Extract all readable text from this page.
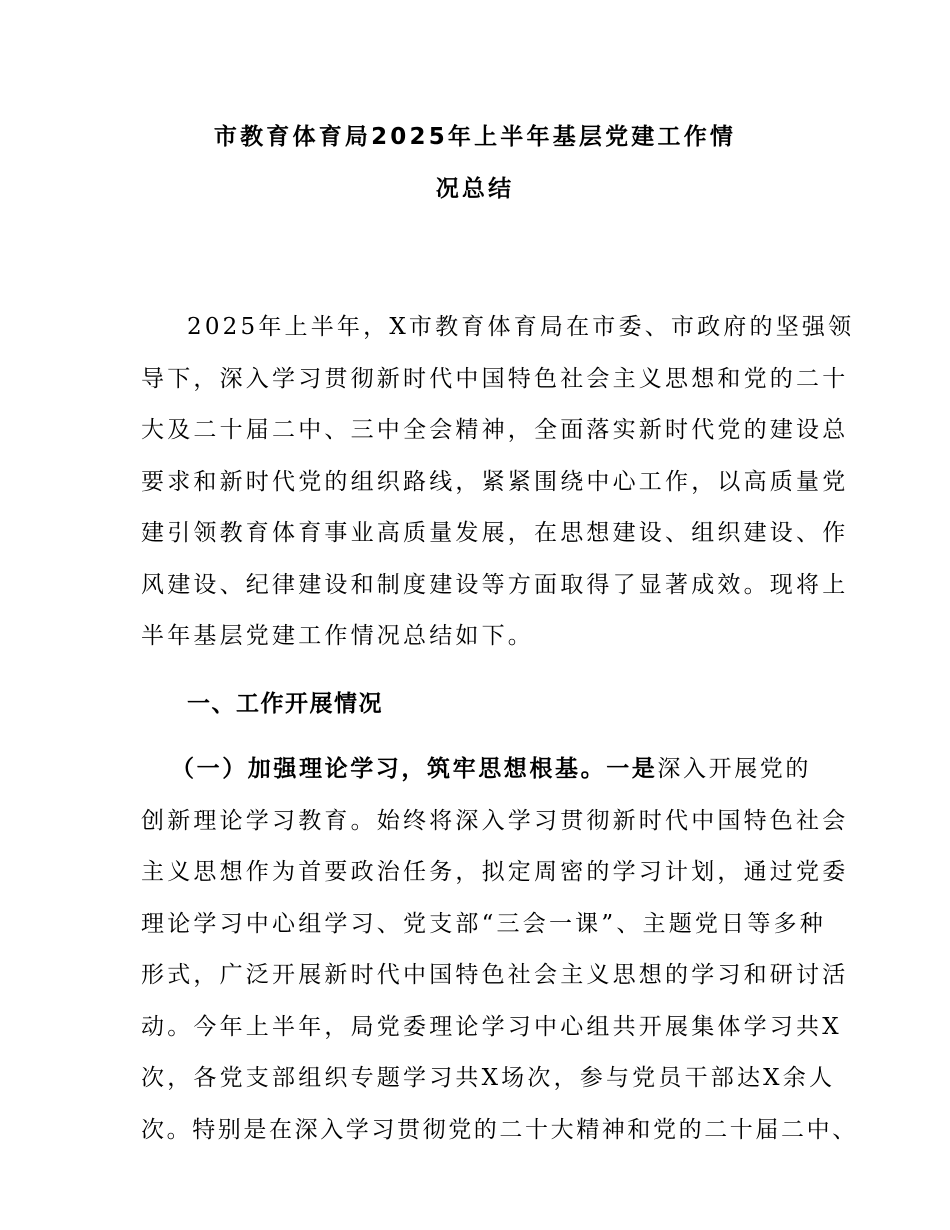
市教育体育局2025年上半年基层党建工作情
况总结
2025年上半年，X市教育体育局在市委、市政府的坚强领
导下，深入学习贯彻新时代中国特色社会主义思想和党的二十
大及二十届二中、三中全会精神，全面落实新时代党的建设总
要求和新时代党的组织路线，紧紧围绕中心工作，以高质量党
建引领教育体育事业高质量发展，在思想建设、组织建设、作
风建设、纪律建设和制度建设等方面取得了显著成效。现将上
半年基层党建工作情况总结如下。
一、工作开展情况
（一）加强理论学习，筑牢思想根基。一是深入开展党的
创新理论学习教育。始终将深入学习贯彻新时代中国特色社会
主义思想作为首要政治任务，拟定周密的学习计划，通过党委
理论学习中心组学习、党支部“三会一课”、主题党日等多种
形式，广泛开展新时代中国特色社会主义思想的学习和研讨活
动。今年上半年，局党委理论学习中心组共开展集体学习共X
次，各党支部组织专题学习共X场次，参与党员干部达X余人
次。特别是在深入学习贯彻党的二十大精神和党的二十届二中、
